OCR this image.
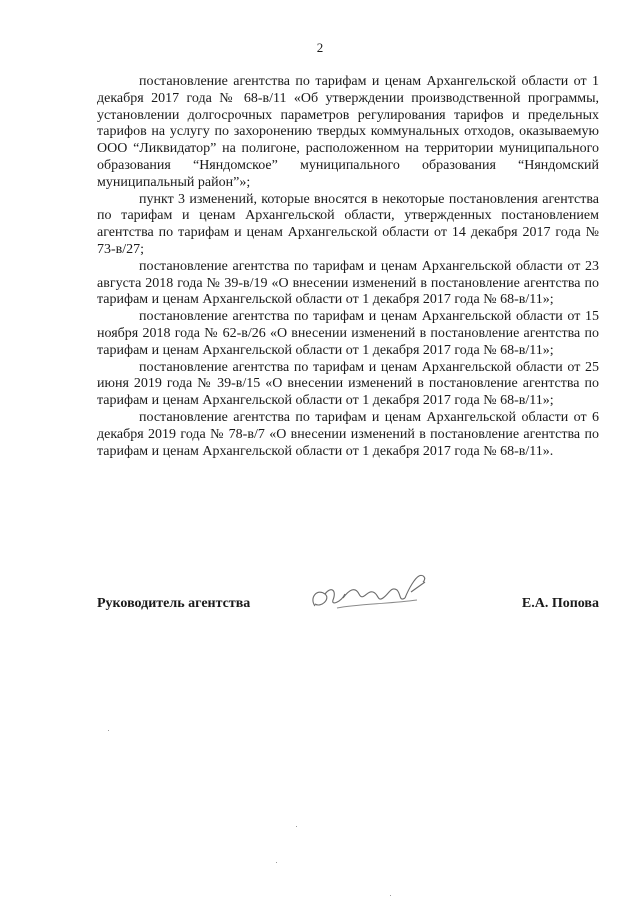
2

постановление агентства по тарифам и ценам Архангельской области от 1 декабря 2017 года № 68-в/11 «Об утверждении производственной программы, установлении долгосрочных параметров регулирования тарифов и предельных тарифов на услугу по захоронению твердых коммунальных отходов, оказываемую ООО “Ликвидатор” на полигоне, расположенном на территории муниципального образования “Няндомское” муниципального образования “Няндомский муниципальный район”»;

пункт 3 изменений, которые вносятся в некоторые постановления агентства по тарифам и ценам Архангельской области, утвержденных постановлением агентства по тарифам и ценам Архангельской области от 14 декабря 2017 года № 73-в/27;

постановление агентства по тарифам и ценам Архангельской области от 23 августа 2018 года № 39-в/19 «О внесении изменений в постановление агентства по тарифам и ценам Архангельской области от 1 декабря 2017 года № 68-в/11»;

постановление агентства по тарифам и ценам Архангельской области от 15 ноября 2018 года № 62-в/26 «О внесении изменений в постановление агентства по тарифам и ценам Архангельской области от 1 декабря 2017 года № 68-в/11»;

постановление агентства по тарифам и ценам Архангельской области от 25 июня 2019 года № 39-в/15 «О внесении изменений в постановление агентства по тарифам и ценам Архангельской области от 1 декабря 2017 года № 68-в/11»;

постановление агентства по тарифам и ценам Архангельской области от 6 декабря 2019 года № 78-в/7 «О внесении изменений в постановление агентства по тарифам и ценам Архангельской области от 1 декабря 2017 года № 68-в/11».

Руководитель агентства	Е.А. Попова
